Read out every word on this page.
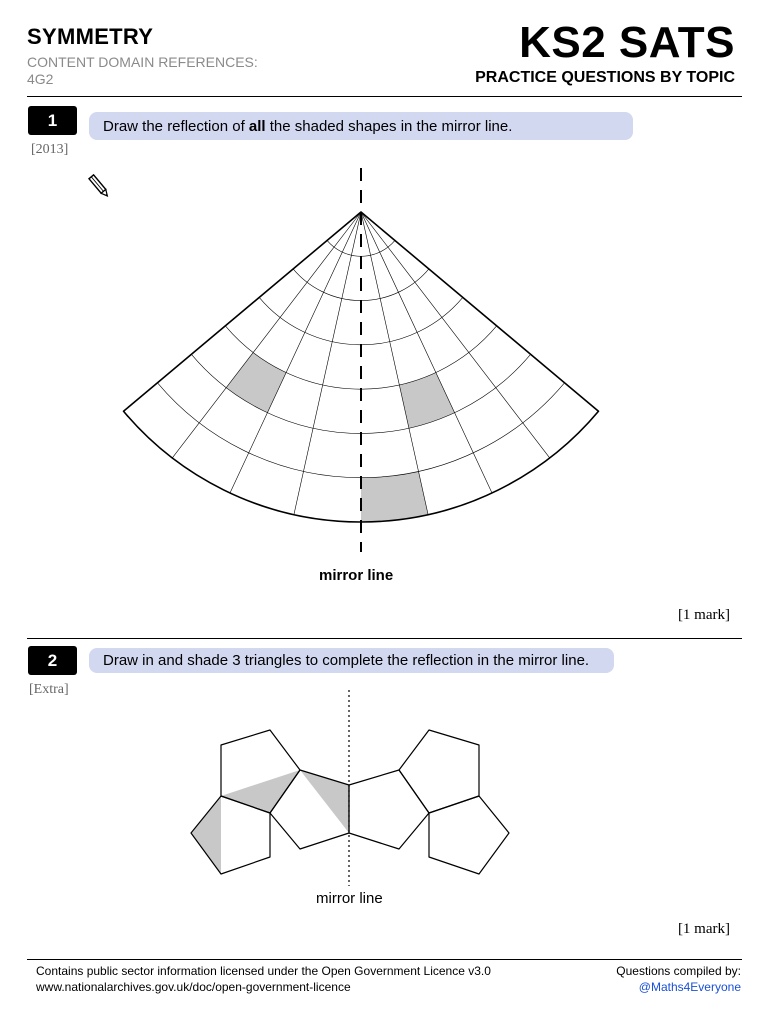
SYMMETRY
CONTENT DOMAIN REFERENCES:
4G2
KS2 SATS
PRACTICE QUESTIONS BY TOPIC
1
[2013]
Draw the reflection of all the shaded shapes in the mirror line.
mirror line
[1 mark]
2
[Extra]
Draw in and shade 3 triangles to complete the reflection in the mirror line.
mirror line
[1 mark]
Contains public sector information licensed under the Open Government Licence v3.0
www.nationalarchives.gov.uk/doc/open-government-licence
Questions compiled by:
@Maths4Everyone
